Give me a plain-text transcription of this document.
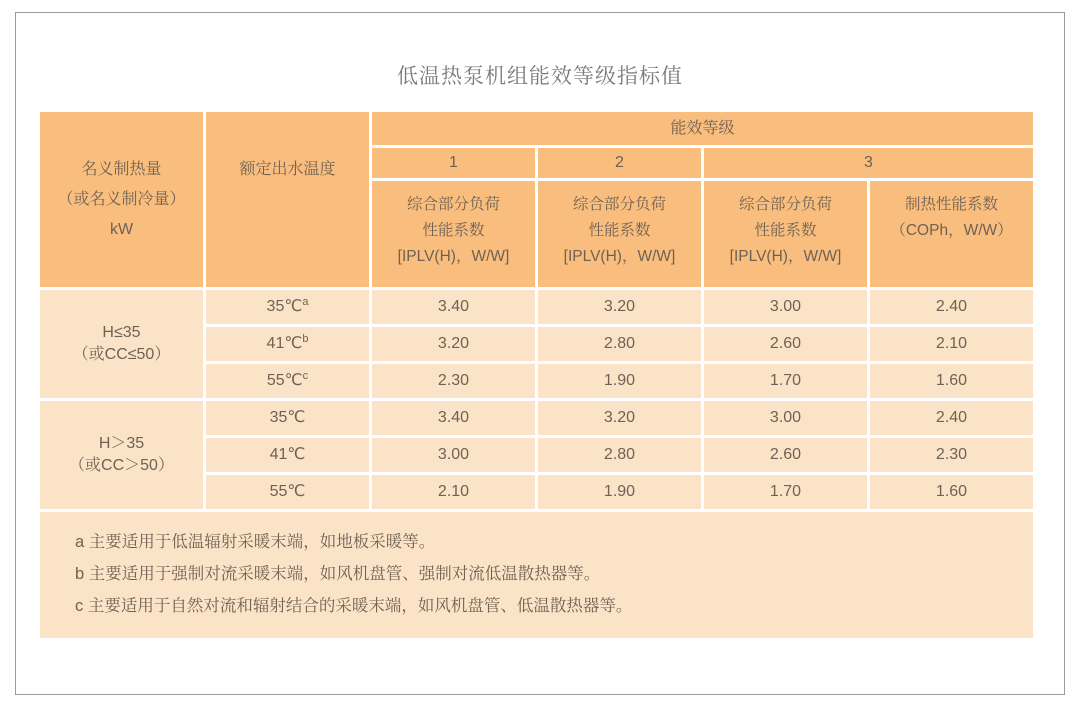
低温热泵机组能效等级指标值
名义制热量
（或名义制冷量）
kW
额定出水温度
能效等级
1	2	3
综合部分负荷
性能系数
[IPLV(H)，W/W]
综合部分负荷
性能系数
[IPLV(H)，W/W]
综合部分负荷
性能系数
[IPLV(H)，W/W]
制热性能系数
（COPh，W/W）
H≤35
（或CC≤50）
35℃$^a$	3.40	3.20	3.00	2.40
41℃$^b$	3.20	2.80	2.60	2.10
55℃$^c$	2.30	1.90	1.70	1.60
H＞35
（或CC＞50）
35℃	3.40	3.20	3.00	2.40
41℃	3.00	2.80	2.60	2.30
55℃	2.10	1.90	1.70	1.60
a 主要适用于低温辐射采暖末端，如地板采暖等。
b 主要适用于强制对流采暖末端，如风机盘管、强制对流低温散热器等。
c 主要适用于自然对流和辐射结合的采暖末端，如风机盘管、低温散热器等。
